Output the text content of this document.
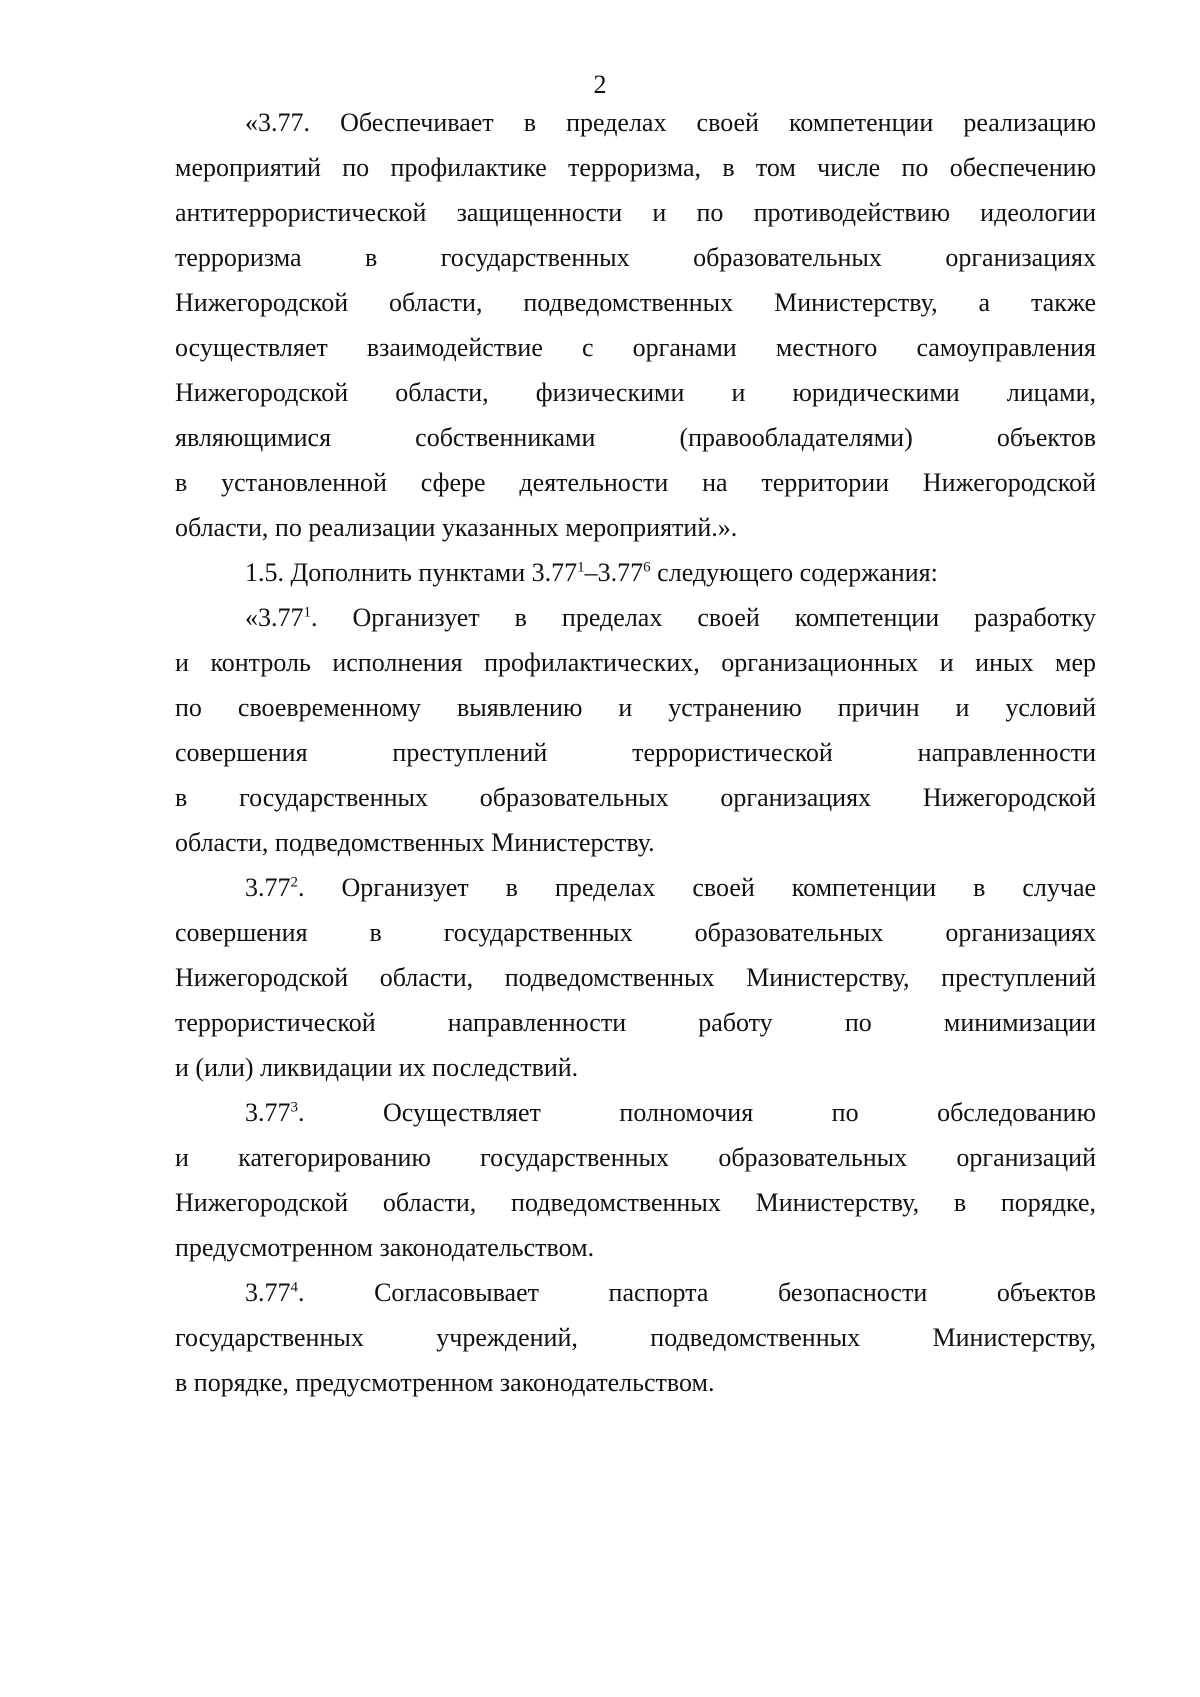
2
«3.77. Обеспечивает в пределах своей компетенции реализацию
мероприятий по профилактике терроризма, в том числе по обеспечению
антитеррористической защищенности и по противодействию идеологии
терроризма в государственных образовательных организациях
Нижегородской области, подведомственных Министерству, а также
осуществляет взаимодействие с органами местного самоуправления
Нижегородской области, физическими и юридическими лицами,
являющимися собственниками (правообладателями) объектов
в установленной сфере деятельности на территории Нижегородской
области, по реализации указанных мероприятий.».
1.5. Дополнить пунктами 3.77$^1$–3.77$^6$ следующего содержания:
«3.77$^1$. Организует в пределах своей компетенции разработку
и контроль исполнения профилактических, организационных и иных мер
по своевременному выявлению и устранению причин и условий
совершения преступлений террористической направленности
в государственных образовательных организациях Нижегородской
области, подведомственных Министерству.
3.77$^2$. Организует в пределах своей компетенции в случае
совершения в государственных образовательных организациях
Нижегородской области, подведомственных Министерству, преступлений
террористической направленности работу по минимизации
и (или) ликвидации их последствий.
3.77$^3$.	Осуществляет	полномочия	по	обследованию
и категорированию государственных образовательных организаций
Нижегородской области, подведомственных Министерству, в порядке,
предусмотренном законодательством.
3.77$^4$.	Согласовывает	паспорта	безопасности	объектов
государственных учреждений, подведомственных Министерству,
в порядке, предусмотренном законодательством.
